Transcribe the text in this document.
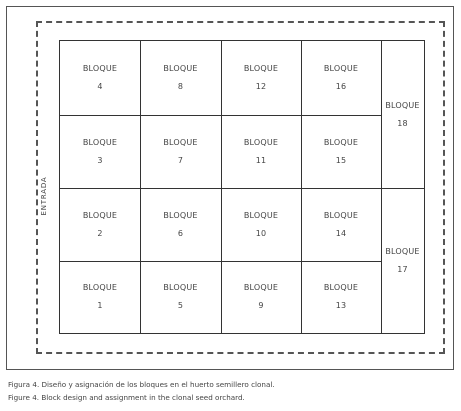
ENTRADA
BLOQUE
4
BLOQUE
8
BLOQUE
12
BLOQUE
16
BLOQUE
3
BLOQUE
7
BLOQUE
11
BLOQUE
15
BLOQUE
2
BLOQUE
6
BLOQUE
10
BLOQUE
14
BLOQUE
1
BLOQUE
5
BLOQUE
9
BLOQUE
13
BLOQUE
18
BLOQUE
17
Figura 4. Diseño y asignación de los bloques en el huerto semillero clonal.
Figure 4. Block design and assignment in the clonal seed orchard.
